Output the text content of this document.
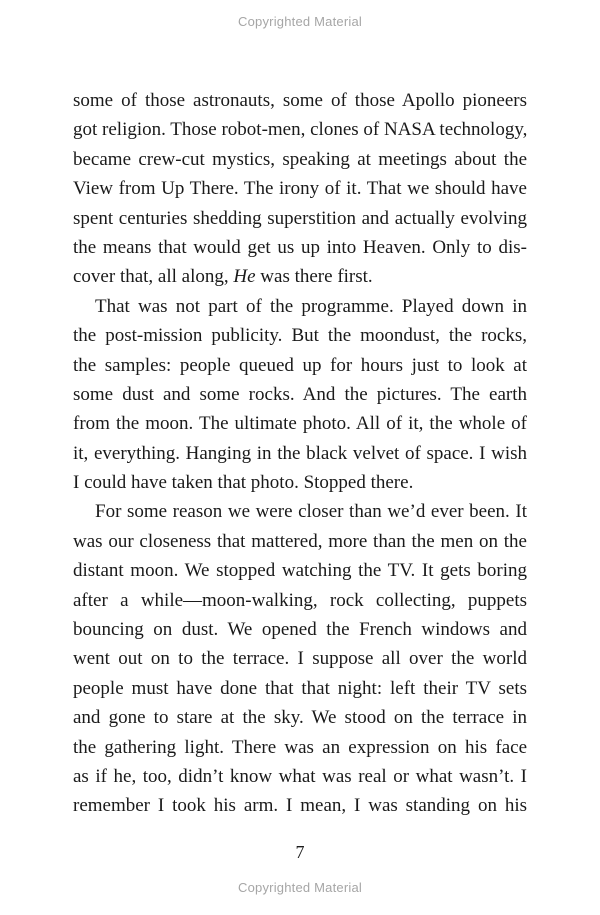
Copyrighted Material

some of those astronauts, some of those Apollo pioneers
got religion. Those robot-men, clones of NASA technology,
became crew-cut mystics, speaking at meetings about the
View from Up There. The irony of it. That we should have
spent centuries shedding superstition and actually evolving
the means that would get us up into Heaven. Only to dis-
cover that, all along, He was there first.

That was not part of the programme. Played down in
the post-mission publicity. But the moondust, the rocks,
the samples: people queued up for hours just to look at
some dust and some rocks. And the pictures. The earth
from the moon. The ultimate photo. All of it, the whole of
it, everything. Hanging in the black velvet of space. I wish
I could have taken that photo. Stopped there.

For some reason we were closer than we’d ever been. It
was our closeness that mattered, more than the men on the
distant moon. We stopped watching the TV. It gets boring
after a while—moon-walking, rock collecting, puppets
bouncing on dust. We opened the French windows and
went out on to the terrace. I suppose all over the world
people must have done that that night: left their TV sets
and gone to stare at the sky. We stood on the terrace in
the gathering light. There was an expression on his face
as if he, too, didn’t know what was real or what wasn’t. I
remember I took his arm. I mean, I was standing on his

7
Copyrighted Material
